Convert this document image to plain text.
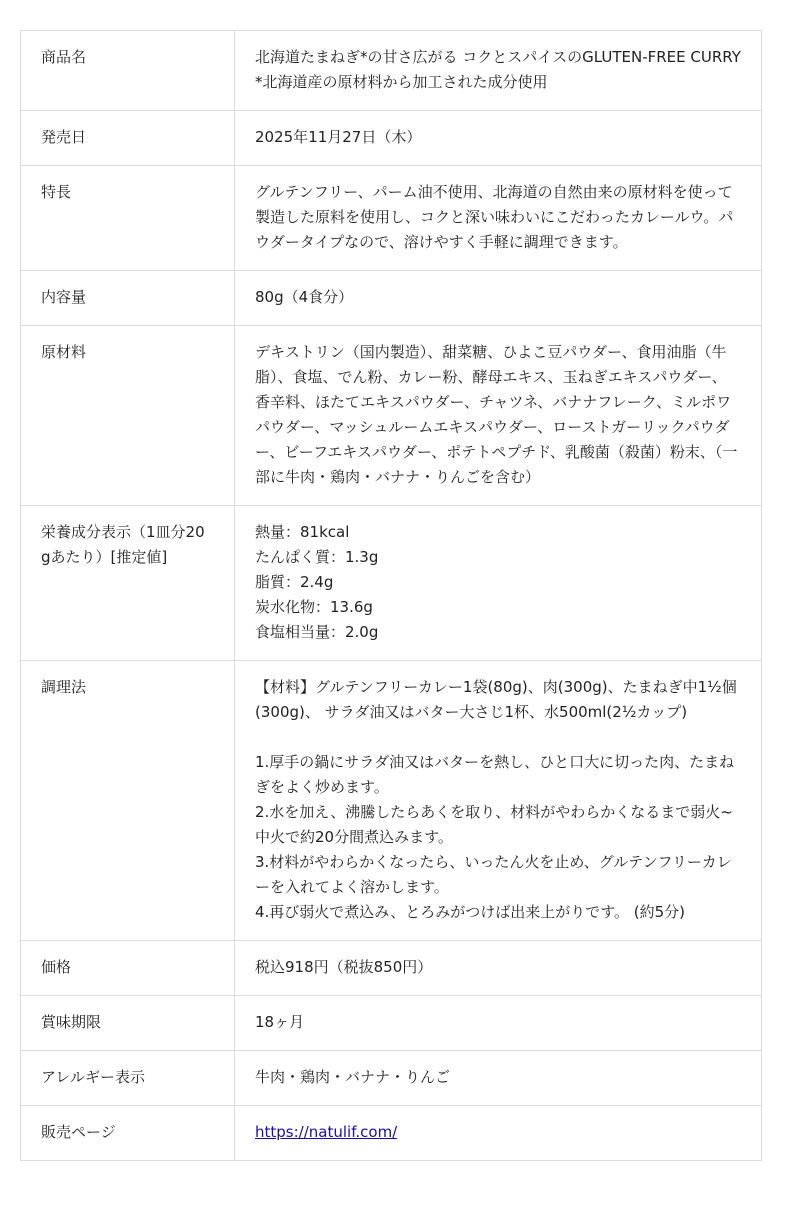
商品名	北海道たまねぎ*の甘さ広がる コクとスパイスのGLUTEN-FREE CURRY
*北海道産の原材料から加工された成分使用

発売日	2025年11月27日（木）

特長	グルテンフリー、パーム油不使用、北海道の自然由来の原材料を使って製造した原料を使用し、コクと深い味わいにこだわったカレールウ。パウダータイプなので、溶けやすく手軽に調理できます。

内容量	80g（4食分）

原材料	デキストリン（国内製造）、甜菜糖、ひよこ豆パウダー、食用油脂（牛脂）、食塩、でん粉、カレー粉、酵母エキス、玉ねぎエキスパウダー、香辛料、ほたてエキスパウダー、チャツネ、バナナフレーク、ミルポワパウダー、マッシュルームエキスパウダー、ローストガーリックパウダー、ビーフエキスパウダー、ポテトペプチド、乳酸菌（殺菌）粉末、（一部に牛肉・鶏肉・バナナ・りんごを含む）

栄養成分表示（1皿分20gあたり）[推定値]	熱量：81kcal
たんぱく質：1.3g
脂質：2.4g
炭水化物：13.6g
食塩相当量：2.0g

調理法	【材料】グルテンフリーカレー1袋(80g)、肉(300g)、たまねぎ中1½個(300g)、 サラダ油又はバター大さじ1杯、水500ml(2½カップ)
1.厚手の鍋にサラダ油又はバターを熱し、ひと口大に切った肉、たまねぎをよく炒めます。
2.水を加え、沸騰したらあくを取り、材料がやわらかくなるまで弱火~中火で約20分間煮込みます。
3.材料がやわらかくなったら、いったん火を止め、グルテンフリーカレーを入れてよく溶かします。
4.再び弱火で煮込み、とろみがつけば出来上がりです。 (約5分)

価格	税込918円（税抜850円）

賞味期限	18ヶ月

アレルギー表示	牛肉・鶏肉・バナナ・りんご

販売ページ	https://natulif.com/
